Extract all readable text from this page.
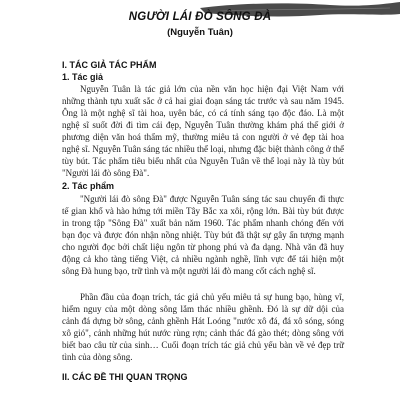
NGƯỜI LÁI ĐÒ SÔNG ĐÀ
(Nguyễn Tuân)
I. TÁC GIẢ TÁC PHẨM
1. Tác giả
Nguyễn Tuân là tác giả lớn của nền văn học hiện đại Việt Nam với những thành tựu xuất sắc ở cả hai giai đoạn sáng tác trước và sau năm 1945. Ông là một nghệ sĩ tài hoa, uyên bác, có cá tính sáng tạo độc đáo. Là một nghệ sĩ suốt đời đi tìm cái đẹp, Nguyễn Tuân thường khám phá thế giới ở phương diện văn hoá thẩm mỹ, thường miêu tả con người ở vẻ đẹp tài hoa nghệ sĩ. Nguyễn Tuân sáng tác nhiều thể loại, nhưng đặc biệt thành công ở thể tùy bút. Tác phẩm tiêu biểu nhất của Nguyễn Tuân về thể loại này là tùy bút "Người lái đò sông Đà".
2. Tác phẩm
"Người lái đò sông Đà" được Nguyễn Tuân sáng tác sau chuyến đi thực tế gian khổ và hào hứng tới miền Tây Bắc xa xôi, rộng lớn. Bài tùy bút được in trong tập "Sông Đà" xuất bản năm 1960. Tác phẩm nhanh chóng đến với bạn đọc và được đón nhận nồng nhiệt. Tùy bút đã thật sự gây ấn tượng mạnh cho người đọc bởi chất liệu ngôn từ phong phú và đa dạng. Nhà văn đã huy động cả kho tàng tiếng Việt, cả nhiều ngành nghề, lĩnh vực để tái hiện một sông Đà hung bạo, trữ tình và một người lái đò mang cốt cách nghệ sĩ.
Phần đầu của đoạn trích, tác giả chủ yếu miêu tả sự hung bạo, hùng vĩ, hiểm nguy của một dòng sông lắm thác nhiều ghềnh. Đó là sự dữ dội của cảnh đá dựng bờ sông, cảnh ghềnh Hát Loóng "nước xô đá, đá xô sóng, sóng xô gió", cảnh những hút nước rùng rợn; cảnh thác đá gào thét; dòng sông với biết bao câu từ của sinh… Cuối đoạn trích tác giả chủ yếu bàn về vẻ đẹp trữ tình của dòng sông.
II. CÁC ĐỀ THI QUAN TRỌNG
